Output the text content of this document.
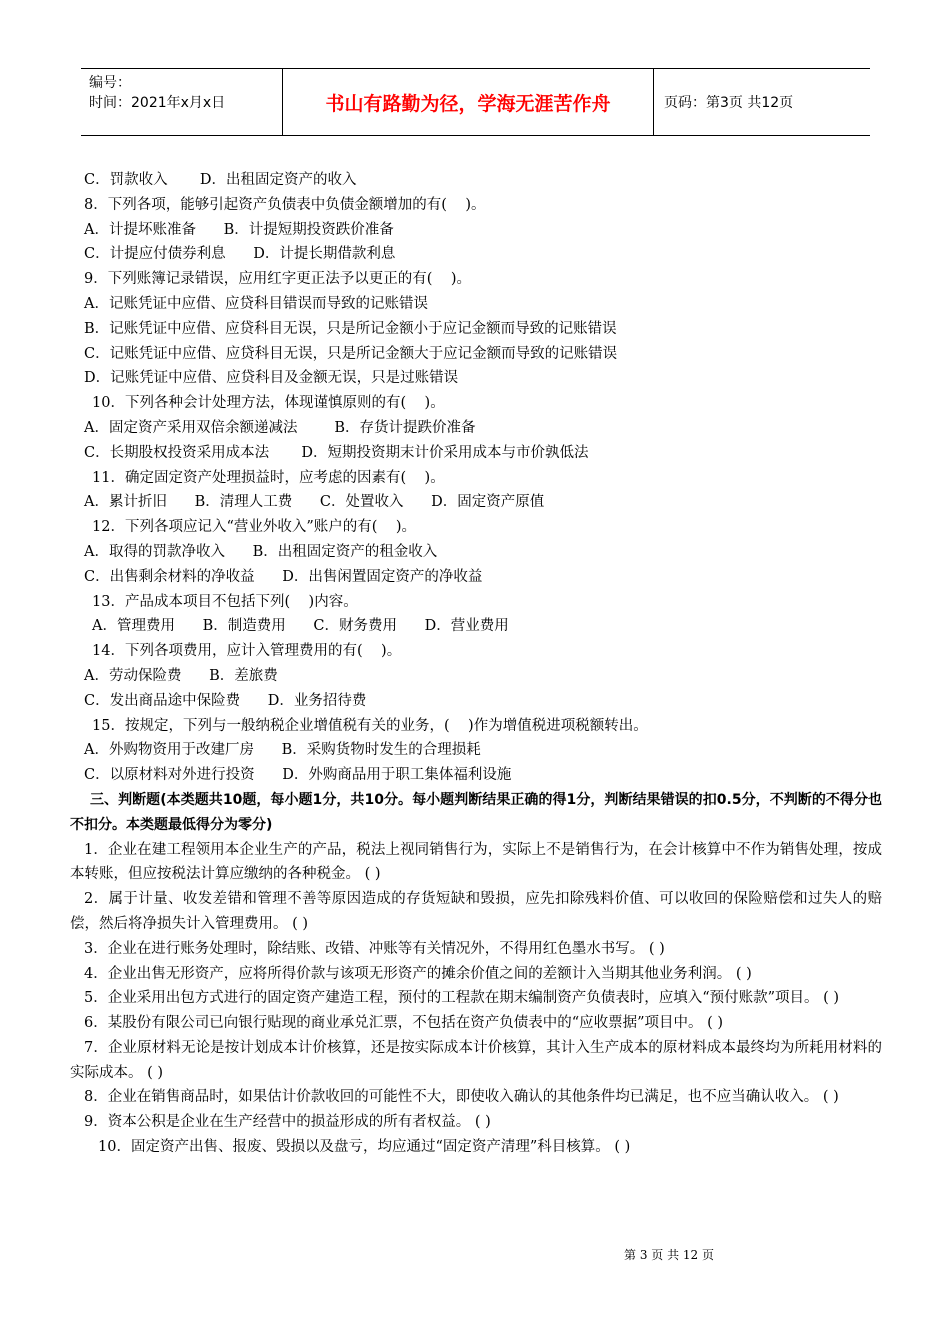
编号：
时间：2021年x月x日	书山有路勤为径，学海无涯苦作舟	页码：第3页 共12页
C．罚款收入       D．出租固定资产的收入
8．下列各项，能够引起资产负债表中负债金额增加的有(    )。
A．计提坏账准备      B．计提短期投资跌价准备
C．计提应付债券利息      D．计提长期借款利息
9．下列账簿记录错误，应用红字更正法予以更正的有(    )。
A．记账凭证中应借、应贷科目错误而导致的记账错误
B．记账凭证中应借、应贷科目无误，只是所记金额小于应记金额而导致的记账错误
C．记账凭证中应借、应贷科目无误，只是所记金额大于应记金额而导致的记账错误
D．记账凭证中应借、应贷科目及金额无误，只是过账错误
10．下列各种会计处理方法，体现谨慎原则的有(    )。
A．固定资产采用双倍余额递减法        B．存货计提跌价准备
C．长期股权投资采用成本法       D．短期投资期末计价采用成本与市价孰低法
11．确定固定资产处理损益时，应考虑的因素有(    )。
A．累计折旧      B．清理人工费      C．处置收入      D．固定资产原值
12．下列各项应记入“营业外收入”账户的有(    )。
A．取得的罚款净收入      B．出租固定资产的租金收入
C．出售剩余材料的净收益      D．出售闲置固定资产的净收益
13．产品成本项目不包括下列(    )内容。
A．管理费用      B．制造费用      C．财务费用      D．营业费用
14．下列各项费用，应计入管理费用的有(    )。
A．劳动保险费      B．差旅费
C．发出商品途中保险费      D．业务招待费
15．按规定，下列与一般纳税企业增值税有关的业务，(    )作为增值税进项税额转出。
A．外购物资用于改建厂房      B．采购货物时发生的合理损耗
C．以原材料对外进行投资      D．外购商品用于职工集体福利设施
三、判断题(本类题共10题，每小题1分，共10分。每小题判断结果正确的得1分，判断结果错误的扣0.5分，不判断的不得分也不扣分。本类题最低得分为零分)
1．企业在建工程领用本企业生产的产品，税法上视同销售行为，实际上不是销售行为，在会计核算中不作为销售处理，按成本转账，但应按税法计算应缴纳的各种税金。 ( )
2．属于计量、收发差错和管理不善等原因造成的存货短缺和毁损，应先扣除残料价值、可以收回的保险赔偿和过失人的赔偿，然后将净损失计入管理费用。 ( )
3．企业在进行账务处理时，除结账、改错、冲账等有关情况外，不得用红色墨水书写。 ( )
4．企业出售无形资产，应将所得价款与该项无形资产的摊余价值之间的差额计入当期其他业务利润。 ( )
5．企业采用出包方式进行的固定资产建造工程，预付的工程款在期末编制资产负债表时，应填入“预付账款”项目。 ( )
6．某股份有限公司已向银行贴现的商业承兑汇票，不包括在资产负债表中的“应收票据”项目中。 ( )
7．企业原材料无论是按计划成本计价核算，还是按实际成本计价核算，其计入生产成本的原材料成本最终均为所耗用材料的实际成本。 ( )
8．企业在销售商品时，如果估计价款收回的可能性不大，即使收入确认的其他条件均已满足，也不应当确认收入。 ( )
9．资本公积是企业在生产经营中的损益形成的所有者权益。 ( )
10．固定资产出售、报废、毁损以及盘亏，均应通过“固定资产清理”科目核算。 ( )
第 3 页 共 12 页
